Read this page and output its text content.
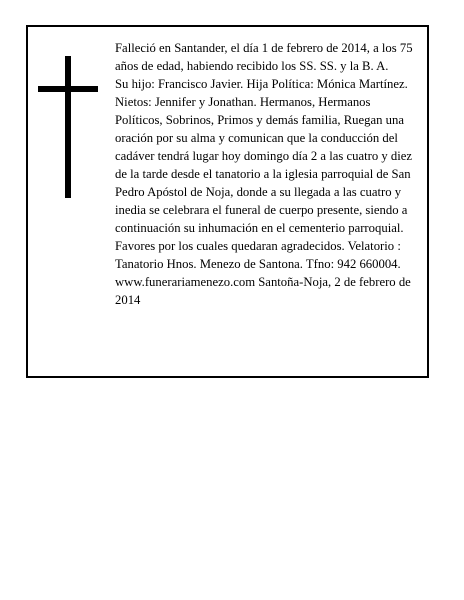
Falleció en Santander, el día 1 de febrero de 2014, a los 75 años de edad, habiendo recibido los SS. SS. y la B. A.

Su hijo: Francisco Javier. Hija Política: Mónica Martínez. Nietos: Jennifer y Jonathan. Hermanos, Hermanos Políticos, Sobrinos, Primos y demás familia, Ruegan una oración por su alma y comunican que la conducción del cadáver tendrá lugar hoy domingo día 2 a las cuatro y diez de la tarde desde el tanatorio a la iglesia parroquial de San Pedro Apóstol de Noja, donde a su llegada a las cuatro y inedia se celebrara el funeral de cuerpo presente, siendo a continuación su inhumación en el cementerio parroquial. Favores por los cuales quedaran agradecidos. Velatorio : Tanatorio Hnos. Menezo de Santona. Tfno: 942 660004. www.funerariamenezo.com Santoña-Noja, 2 de febrero de 2014
